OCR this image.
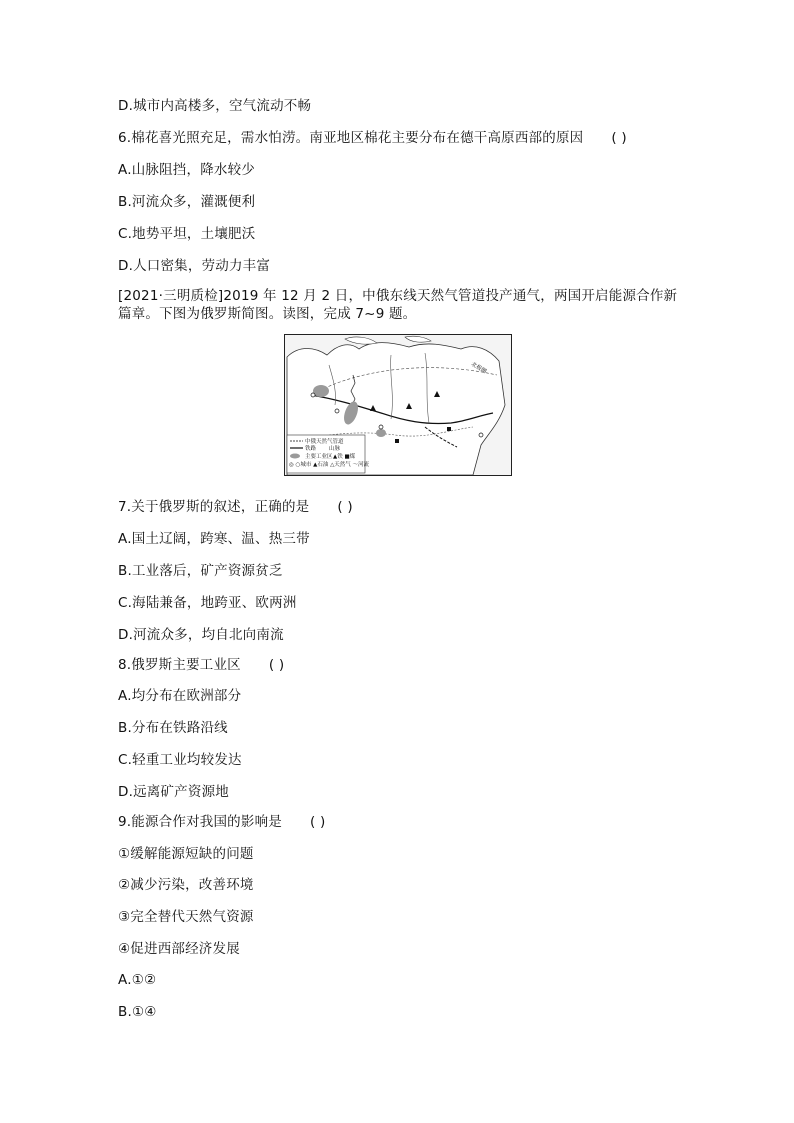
D.城市内高楼多，空气流动不畅
6.棉花喜光照充足，需水怕涝。南亚地区棉花主要分布在德干高原西部的原因 ( )
A.山脉阻挡，降水较少
B.河流众多，灌溉便利
C.地势平坦，土壤肥沃
D.人口密集，劳动力丰富
[2021·三明质检]2019 年 12 月 2 日，中俄东线天然气管道投产通气，两国开启能源合作新
篇章。下图为俄罗斯简图。读图，完成 7~9 题。
北极圈
中俄天然气管道
铁路 山脉
主要工业区 ▲铁 ■煤
◎ ○城市 ▲石油 △天然气 〜河流
7.关于俄罗斯的叙述，正确的是 ( )
A.国土辽阔，跨寒、温、热三带
B.工业落后，矿产资源贫乏
C.海陆兼备，地跨亚、欧两洲
D.河流众多，均自北向南流
8.俄罗斯主要工业区 ( )
A.均分布在欧洲部分
B.分布在铁路沿线
C.轻重工业均较发达
D.远离矿产资源地
9.能源合作对我国的影响是 ( )
①缓解能源短缺的问题
②减少污染，改善环境
③完全替代天然气资源
④促进西部经济发展
A.①②
B.①④
